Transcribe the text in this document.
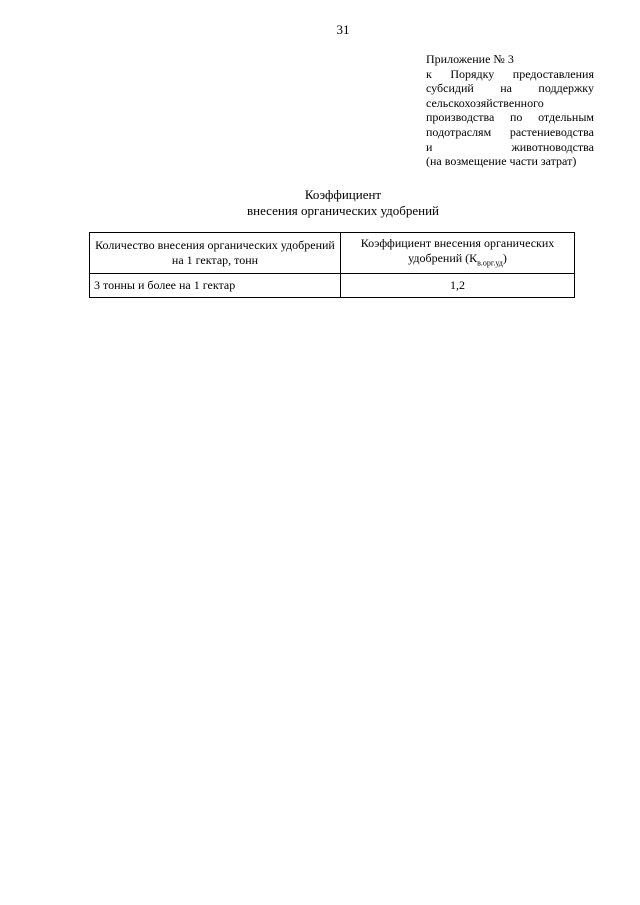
31
Приложение № 3
к Порядку предоставления
субсидий на поддержку
сельскохозяйственного
производства по отдельным
подотраслям растениеводства
и	животноводства
(на возмещение части затрат)
Коэффициент
внесения органических удобрений
Количество внесения органических удобрений на 1 гектар, тонн	Коэффициент внесения органических удобрений $(К_{в.орг.уд})$
3 тонны и более на 1 гектар	1,2
